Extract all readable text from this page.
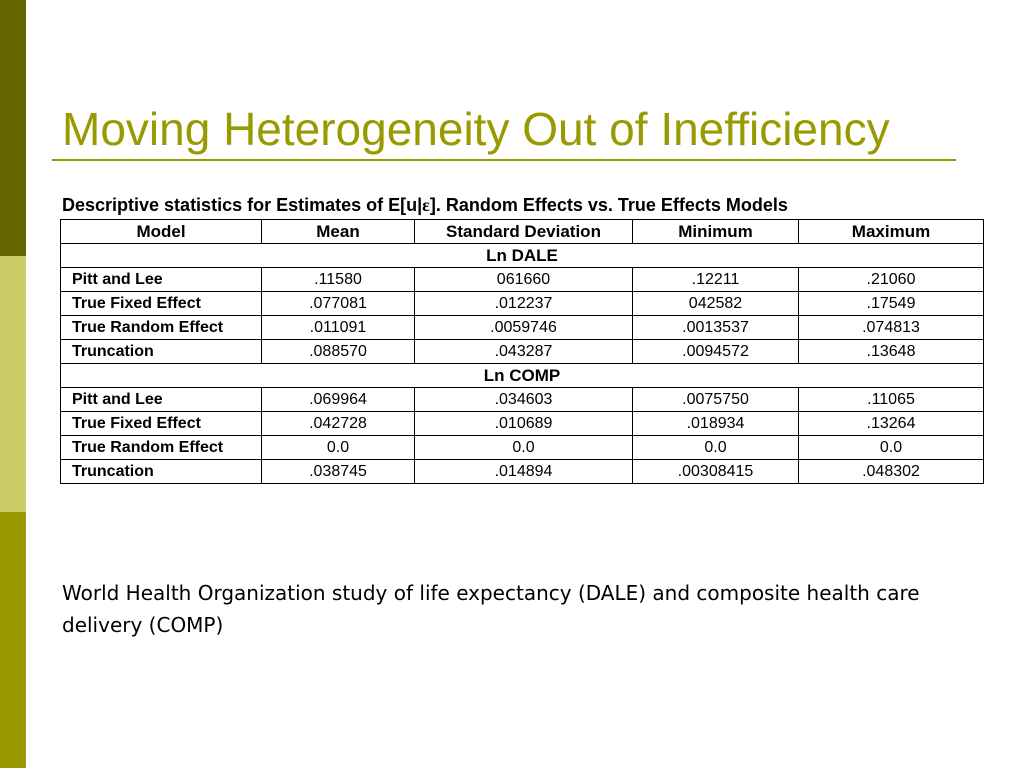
Moving Heterogeneity Out of Inefficiency
Descriptive statistics for Estimates of E[u|ε]. Random Effects vs. True Effects Models
Model	Mean	Standard Deviation	Minimum	Maximum
Ln DALE				
Pitt and Lee	.11580	061660	.12211	.21060
True Fixed Effect	.077081	.012237	042582	.17549
True Random Effect	.011091	.0059746	.0013537	.074813
Truncation	.088570	.043287	.0094572	.13648
Ln COMP				
Pitt and Lee	.069964	.034603	.0075750	.11065
True Fixed Effect	.042728	.010689	.018934	.13264
True Random Effect	0.0	0.0	0.0	0.0
Truncation	.038745	.014894	.00308415	.048302

World Health Organization study of life expectancy (DALE) and composite health care delivery (COMP)
